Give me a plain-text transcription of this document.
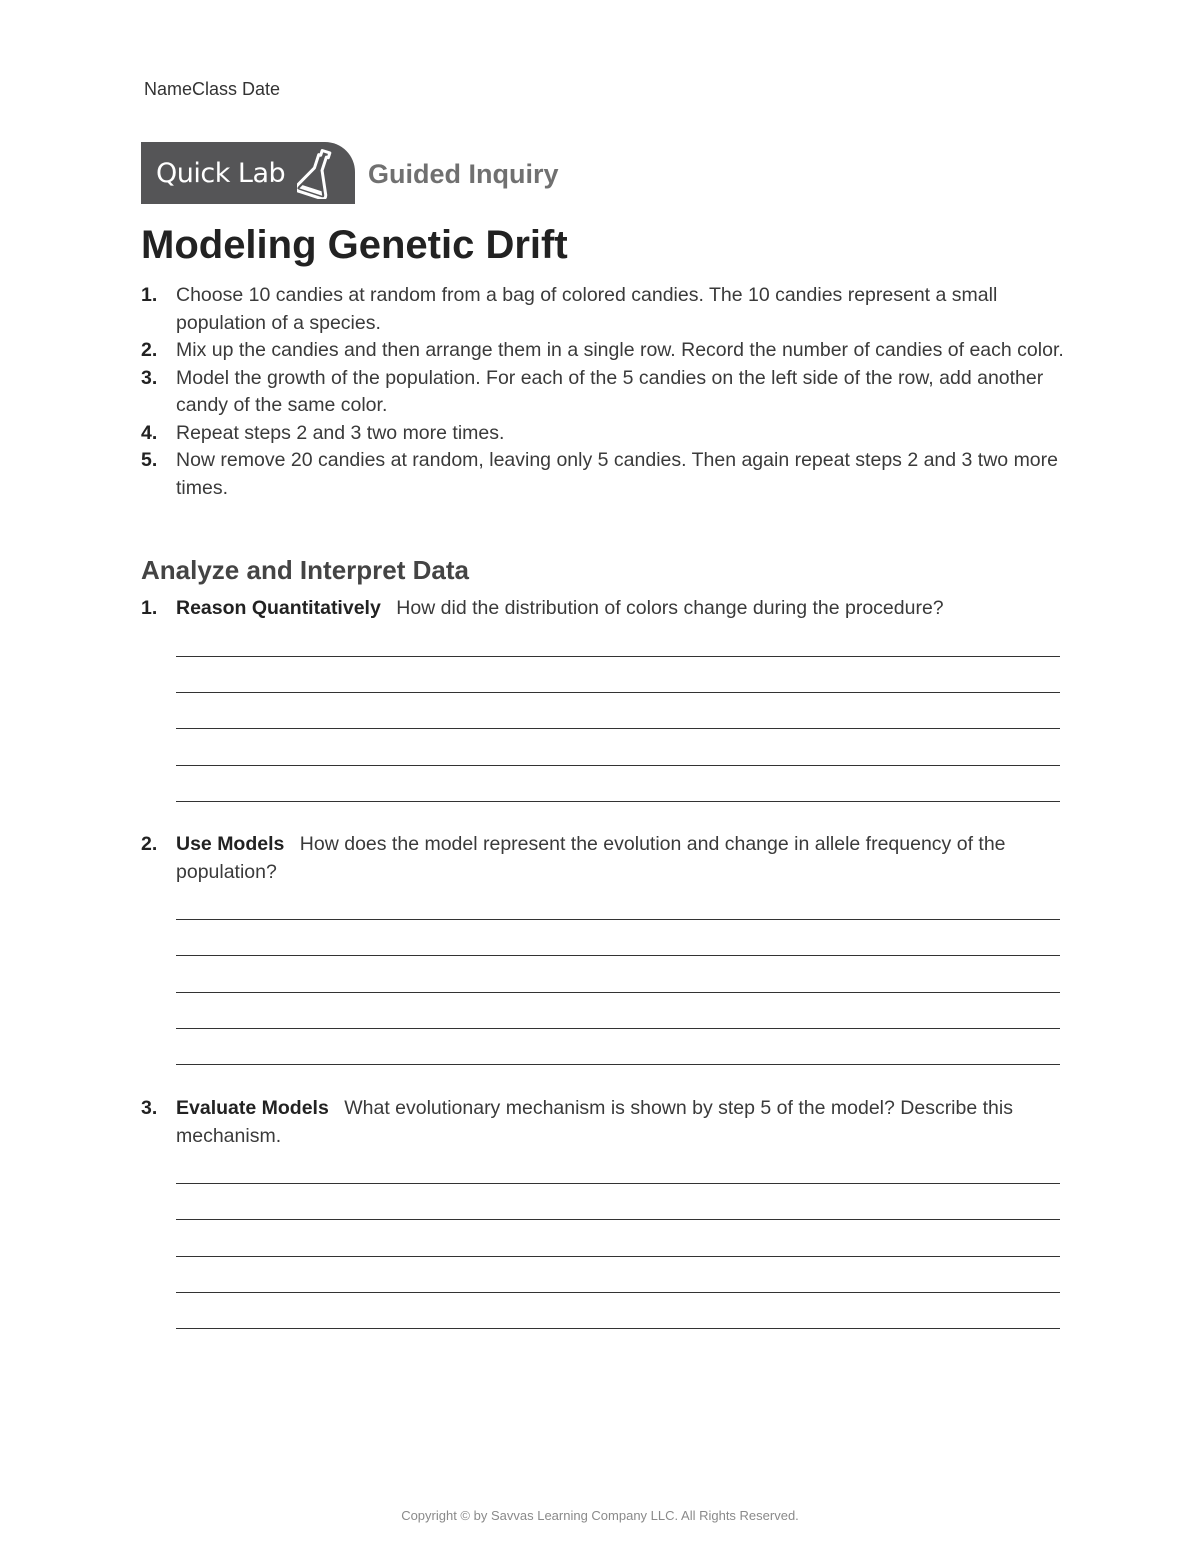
NameClass Date
Quick Lab	Guided Inquiry
Modeling Genetic Drift
1. Choose 10 candies at random from a bag of colored candies. The 10 candies represent a small population of a species.
2. Mix up the candies and then arrange them in a single row. Record the number of candies of each color.
3. Model the growth of the population. For each of the 5 candies on the left side of the row, add another candy of the same color.
4. Repeat steps 2 and 3 two more times.
5. Now remove 20 candies at random, leaving only 5 candies. Then again repeat steps 2 and 3 two more times.
Analyze and Interpret Data
1. Reason Quantitatively How did the distribution of colors change during the procedure?
2. Use Models How does the model represent the evolution and change in allele frequency of the population?
3. Evaluate Models What evolutionary mechanism is shown by step 5 of the model? Describe this mechanism.
Copyright © by Savvas Learning Company LLC. All Rights Reserved.
